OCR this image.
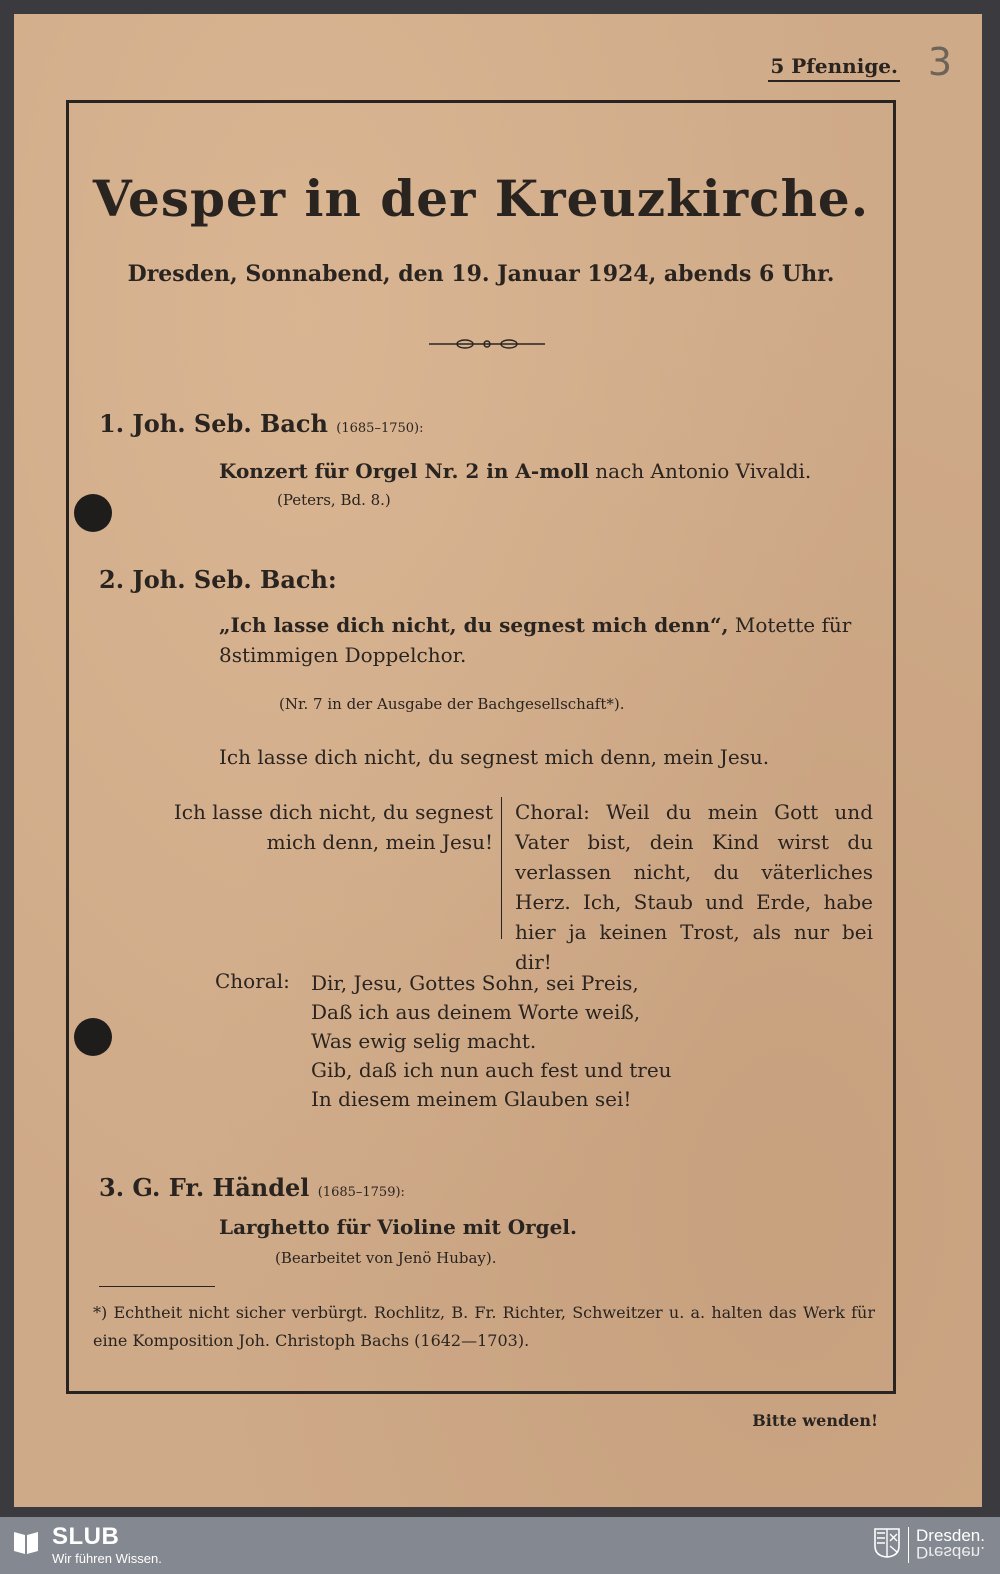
5 Pfennige. 3
Vesper in der Kreuzkirche.
Dresden, Sonnabend, den 19. Januar 1924, abends 6 Uhr.
1. Joh. Seb. Bach (1685–1750):
Konzert für Orgel Nr. 2 in A-moll nach Antonio Vivaldi.
(Peters, Bd. 8.)
2. Joh. Seb. Bach:
„Ich lasse dich nicht, du segnest mich denn“, Motette für
8stimmigen Doppelchor.
(Nr. 7 in der Ausgabe der Bachgesellschaft*).
Ich lasse dich nicht, du segnest mich denn, mein Jesu.
Ich lasse dich nicht, du segnest mich denn, mein Jesu!
Choral: Weil du mein Gott und Vater bist, dein Kind wirst du verlassen nicht, du väterliches Herz. Ich, Staub und Erde, habe hier ja keinen Trost, als nur bei dir!
Choral: Dir, Jesu, Gottes Sohn, sei Preis,
Daß ich aus deinem Worte weiß,
Was ewig selig macht.
Gib, daß ich nun auch fest und treu
In diesem meinem Glauben sei!
3. G. Fr. Händel (1685–1759):
Larghetto für Violine mit Orgel.
(Bearbeitet von Jenö Hubay).
*) Echtheit nicht sicher verbürgt. Rochlitz, B. Fr. Richter, Schweitzer u. a. halten das Werk für eine Komposition Joh. Christoph Bachs (1642—1703).
Bitte wenden!
SLUB
Wir führen Wissen.
Dresden.
Dresden.
